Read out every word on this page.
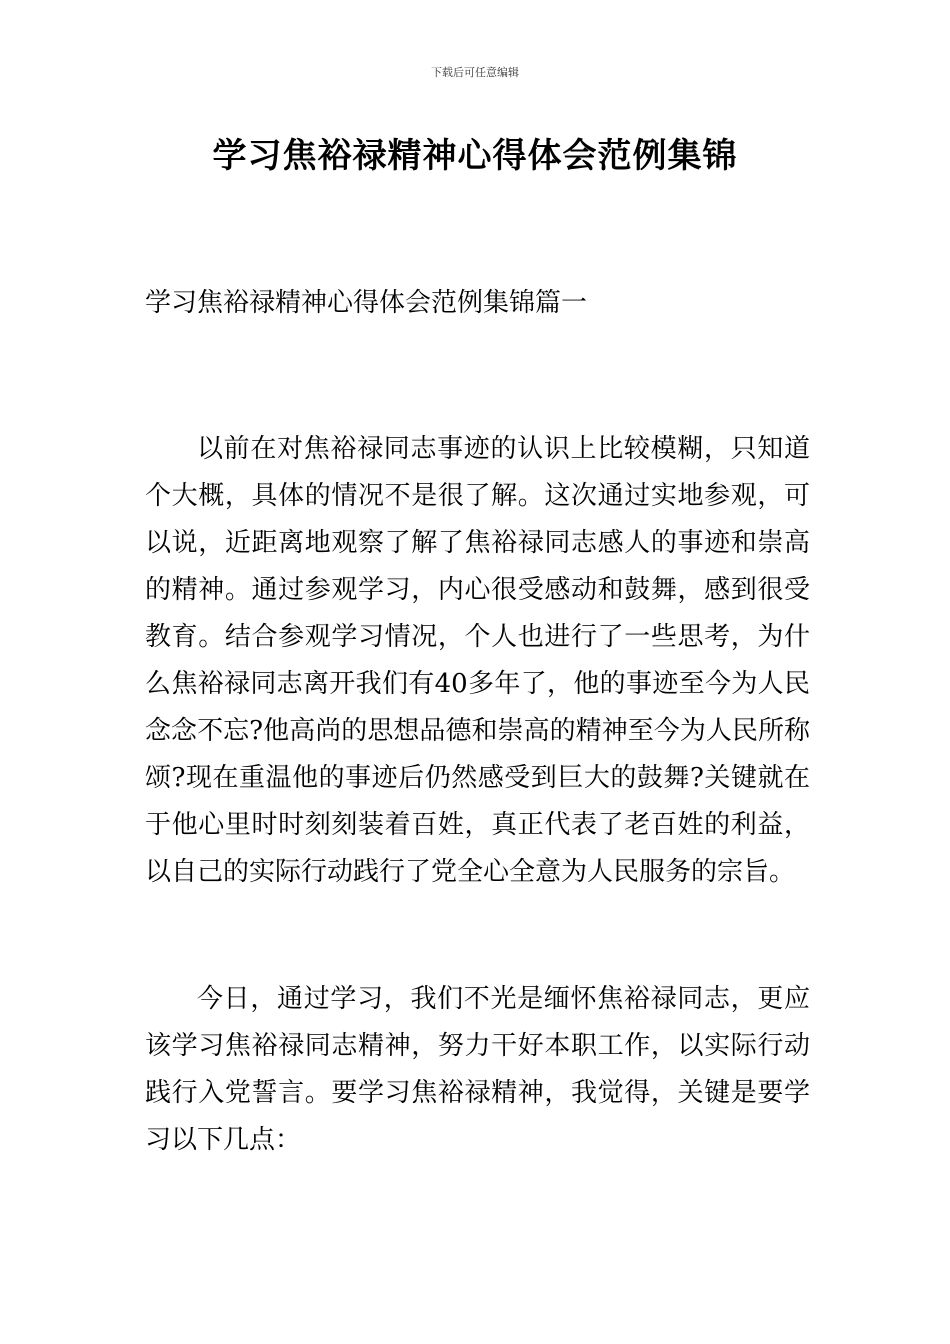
下载后可任意编辑
学习焦裕禄精神心得体会范例集锦
学习焦裕禄精神心得体会范例集锦篇一

以前在对焦裕禄同志事迹的认识上比较模糊，只知道个大概，具体的情况不是很了解。这次通过实地参观，可以说，近距离地观察了解了焦裕禄同志感人的事迹和崇高的精神。通过参观学习，内心很受感动和鼓舞，感到很受教育。结合参观学习情况，个人也进行了一些思考，为什么焦裕禄同志离开我们有40多年了，他的事迹至今为人民念念不忘?他高尚的思想品德和崇高的精神至今为人民所称颂?现在重温他的事迹后仍然感受到巨大的鼓舞?关键就在于他心里时时刻刻装着百姓，真正代表了老百姓的利益，以自己的实际行动践行了党全心全意为人民服务的宗旨。

今日，通过学习，我们不光是缅怀焦裕禄同志，更应该学习焦裕禄同志精神，努力干好本职工作，以实际行动践行入党誓言。要学习焦裕禄精神，我觉得，关键是要学习以下几点：
